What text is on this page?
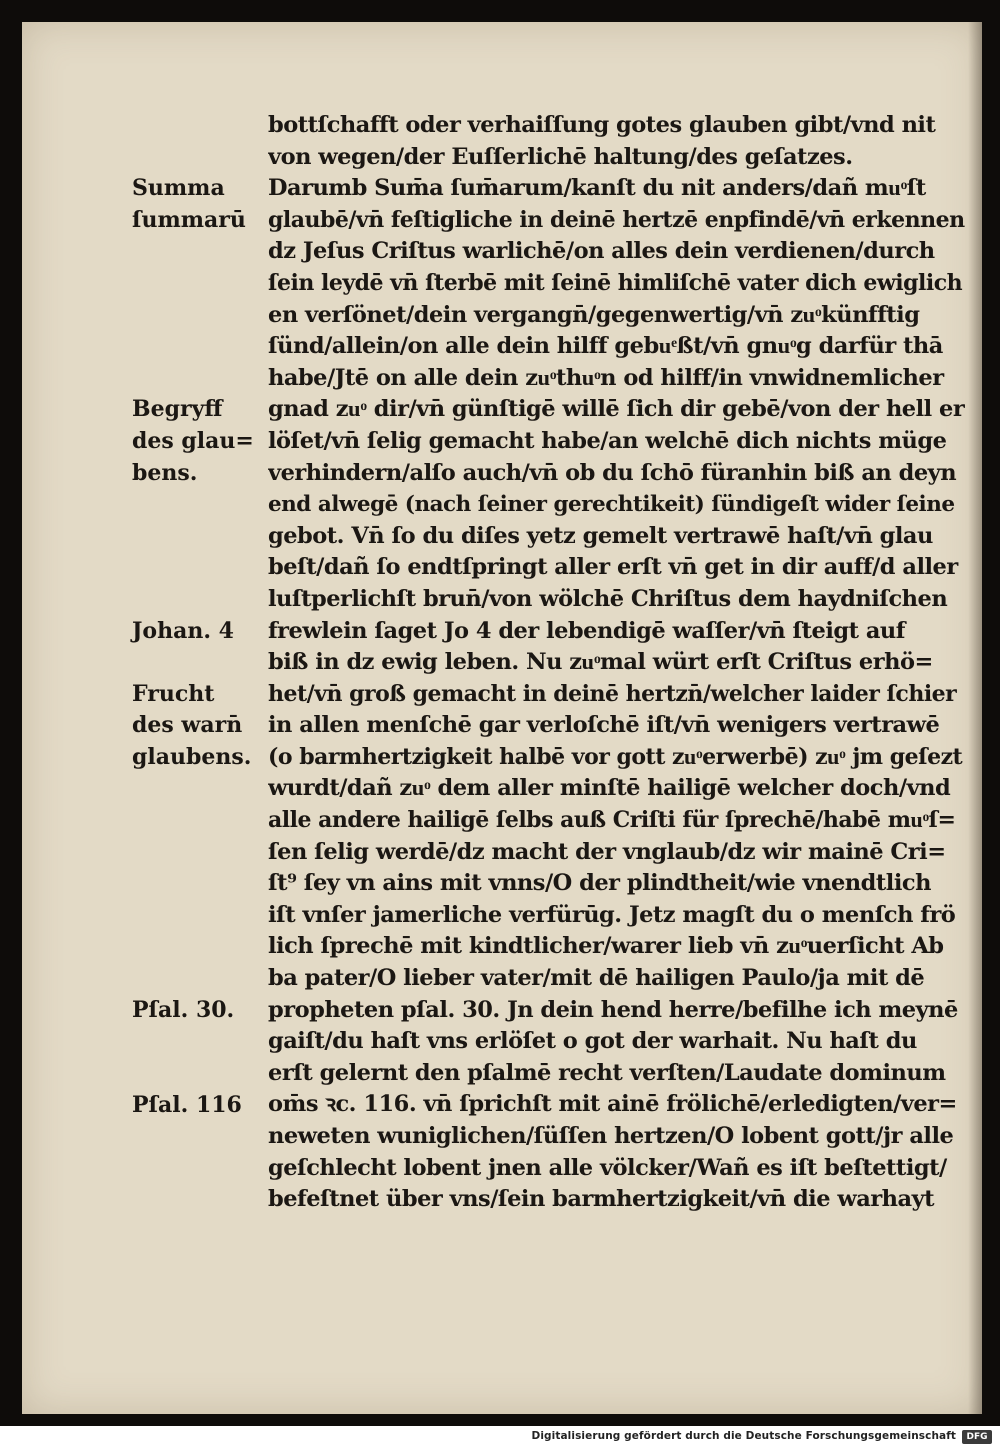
bottſchafft oder verhaiſſung gotes glauben gibt/vnd nit
von wegen/der Euſſerlichē haltung/des geſatzes.
Darumb Sum̄a ſum̄arum/kanſt du nit anders/dañ muͦſt
glaubē/vn̄ feſtigliche in deinē hertzē enpfindē/vn̄ erkennen
dz Jeſus Criſtus warlichē/on alles dein verdienen/durch
ſein leydē vn̄ ſterbē mit ſeinē himliſchē vater dich ewiglich
en verſönet/dein vergangn̄/gegenwertig/vn̄ zuͦkünfftig
ſünd/allein/on alle dein hilff gebuͤßt/vn̄ gnuͦg darfür thā
habe/Jtē on alle dein zuͦthuͦn od hilff/in vnwidnemlicher
gnad zuͦ dir/vn̄ günſtigē willē ſich dir gebē/von der hell er
löſet/vn̄ ſelig gemacht habe/an welchē dich nichts müge
verhindern/alſo auch/vn̄ ob du ſchō füranhin biß an deyn
end alwegē (nach ſeiner gerechtikeit) ſündigeſt wider ſeine
gebot. Vn̄ ſo du diſes yetz gemelt vertrawē haſt/vn̄ glau
beſt/dañ ſo endtſpringt aller erſt vn̄ get in dir auff/d aller
luſtperlichſt brun̄/von wölchē Chriſtus dem haydniſchen
frewlein ſaget Jo 4 der lebendigē waſſer/vn̄ ſteigt auf
biß in dz ewig leben. Nu zuͦmal würt erſt Criſtus erhö=
het/vn̄ groß gemacht in deinē hertzn̄/welcher laider ſchier
in allen menſchē gar verloſchē iſt/vn̄ wenigers vertrawē
(o barmhertzigkeit halbē vor gott zuͦerwerbē) zuͦ jm geſezt
wurdt/dañ zuͦ dem aller minſtē hailigē welcher doch/vnd
alle andere hailigē ſelbs auß Criſti für ſprechē/habē muͦſ=
ſen ſelig werdē/dz macht der vnglaub/dz wir mainē Cri=
ſt⁹ ſey vn ains mit vnns/O der plindtheit/wie vnendtlich
iſt vnſer jamerliche verfürūg. Jetz magſt du o menſch frö
lich ſprechē mit kindtlicher/warer lieb vn̄ zuͦuerſicht Ab
ba pater/O lieber vater/mit dē hailigen Paulo/ja mit dē
propheten pſal. 30. Jn dein hend herre/befilhe ich meynē
gaiſt/du haſt vns erlöſet o got der warhait. Nu haſt du
erſt gelernt den pſalmē recht verſten/Laudate dominum
om̄s ꝛc. 116. vn̄ ſprichſt mit ainē frölichē/erledigten/ver=
neweten wuniglichen/ſüſſen hertzen/O lobent gott/jr alle
geſchlecht lobent jnen alle völcker/Wañ es iſt beſtettigt/
befeſtnet über vns/ſein barmhertzigkeit/vn̄ die warhayt
Summa
ſummarū
Begryff
des glau=
bens.
Johan. 4
Frucht
des warn̄
glaubens.
Pſal. 30.
Pſal. 116
Digitalisierung gefördert durch die Deutsche Forschungsgemeinschaft	DFG
